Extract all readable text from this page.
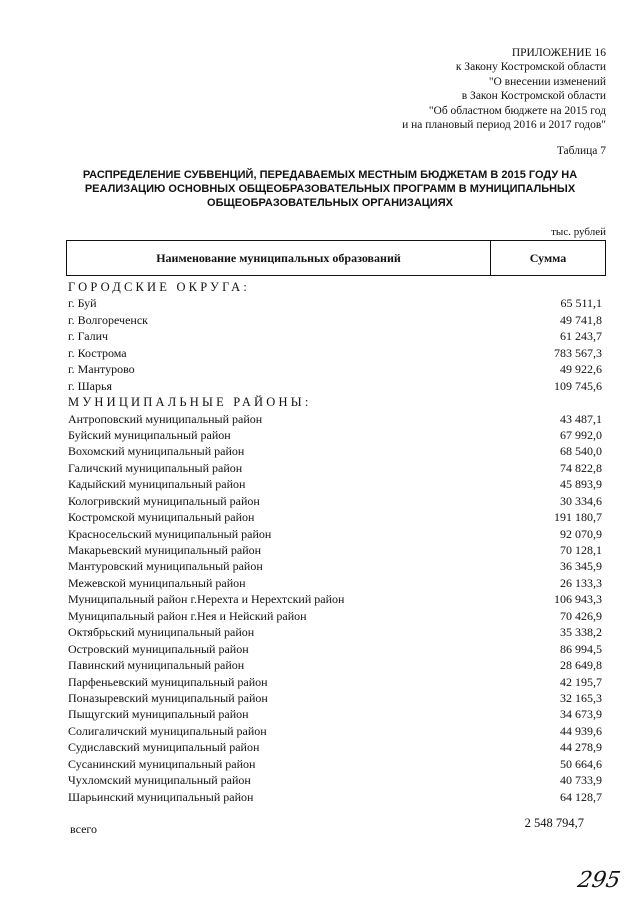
ПРИЛОЖЕНИЕ 16
к Закону Костромской области
"О внесении изменений
в Закон Костромской области
"Об областном бюджете на 2015 год
и на плановый период 2016 и 2017 годов"
Таблица 7
РАСПРЕДЕЛЕНИЕ СУБВЕНЦИЙ, ПЕРЕДАВАЕМЫХ МЕСТНЫМ БЮДЖЕТАМ В 2015 ГОДУ НА
РЕАЛИЗАЦИЮ ОСНОВНЫХ ОБЩЕОБРАЗОВАТЕЛЬНЫХ ПРОГРАММ В МУНИЦИПАЛЬНЫХ
ОБЩЕОБРАЗОВАТЕЛЬНЫХ ОРГАНИЗАЦИЯХ
тыс. рублей
Наименование муниципальных образований	Сумма
ГОРОДСКИЕ ОКРУГА:
г. Буй	65 511,1
г. Волгореченск	49 741,8
г. Галич	61 243,7
г. Кострома	783 567,3
г. Мантурово	49 922,6
г. Шарья	109 745,6
МУНИЦИПАЛЬНЫЕ РАЙОНЫ:
Антроповский муниципальный район	43 487,1
Буйский муниципальный район	67 992,0
Вохомский муниципальный район	68 540,0
Галичский муниципальный район	74 822,8
Кадыйский муниципальный район	45 893,9
Кологривский муниципальный район	30 334,6
Костромской муниципальный район	191 180,7
Красносельский муниципальный район	92 070,9
Макарьевский муниципальный район	70 128,1
Мантуровский муниципальный район	36 345,9
Межевской муниципальный район	26 133,3
Муниципальный район г.Нерехта и Нерехтский район	106 943,3
Муниципальный район г.Нея и Нейский район	70 426,9
Октябрьский муниципальный район	35 338,2
Островский муниципальный район	86 994,5
Павинский муниципальный район	28 649,8
Парфеньевский муниципальный район	42 195,7
Поназыревский муниципальный район	32 165,3
Пыщугский муниципальный район	34 673,9
Солигаличский муниципальный район	44 939,6
Судиславский муниципальный район	44 278,9
Сусанинский муниципальный район	50 664,6
Чухломский муниципальный район	40 733,9
Шарьинский муниципальный район	64 128,7
всего	2 548 794,7
295
